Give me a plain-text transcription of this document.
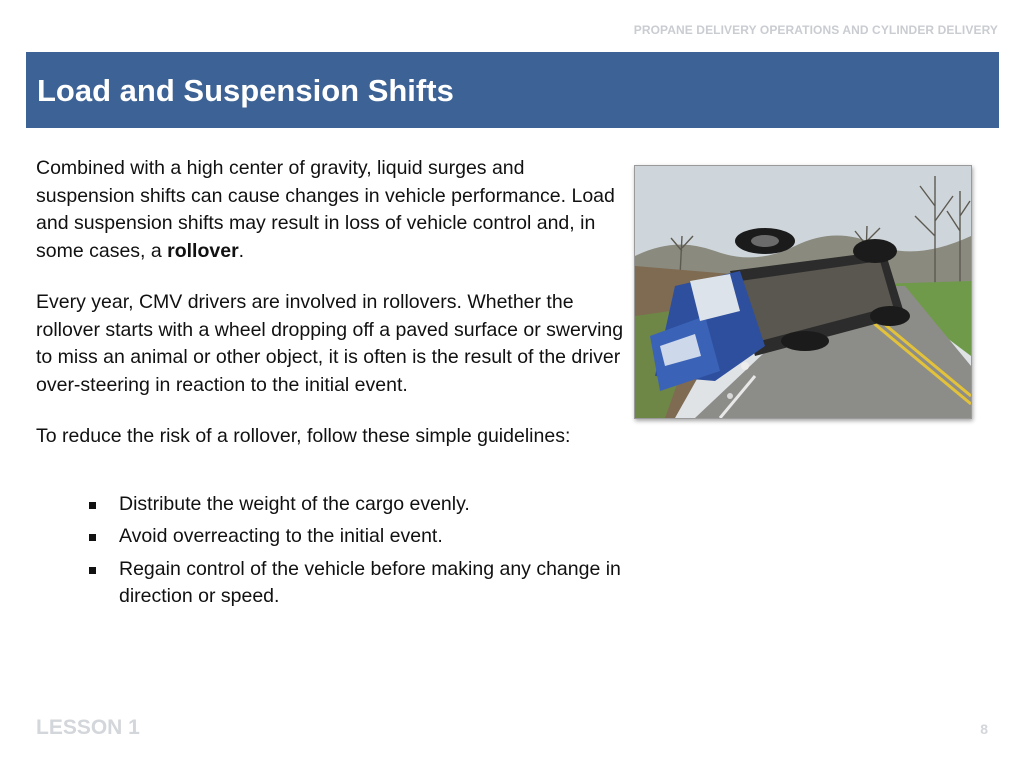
PROPANE DELIVERY OPERATIONS AND CYLINDER DELIVERY
Load and Suspension Shifts

Combined with a high center of gravity, liquid surges and suspension shifts can cause changes in vehicle performance. Load and suspension shifts may result in loss of vehicle control and, in some cases, a rollover.

Every year, CMV drivers are involved in rollovers. Whether the rollover starts with a wheel dropping off a paved surface or swerving to miss an animal or other object, it is often is the result of the driver over-steering in reaction to the initial event.

To reduce the risk of a rollover, follow these simple guidelines:

Distribute the weight of the cargo evenly.
Avoid overreacting to the initial event.
Regain control of the vehicle before making any change in direction or speed.
LESSON 1	8
